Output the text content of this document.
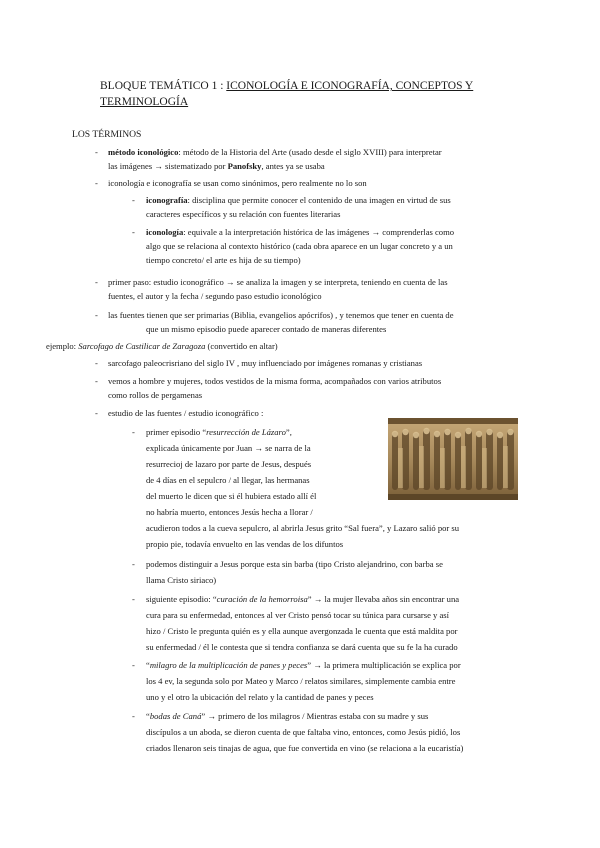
BLOQUE TEMÁTICO 1 : ICONOLOGÍA E ICONOGRAFÍA, CONCEPTOS Y
TERMINOLOGÍA
LOS TÉRMINOS
- método iconológico: método de la Historia del Arte (usado desde el siglo XVIII) para interpretar
las imágenes → sistematizado por Panofsky, antes ya se usaba
- iconología e iconografía se usan como sinónimos, pero realmente no lo son
- iconografía: disciplina que permite conocer el contenido de una imagen en virtud de sus
caracteres específicos y su relación con fuentes literarias
- iconología: equivale a la interpretación histórica de las imágenes → comprenderlas como
algo que se relaciona al contexto histórico (cada obra aparece en un lugar concreto y a un
tiempo concreto/ el arte es hija de su tiempo)
- primer paso: estudio iconográfico → se analiza la imagen y se interpreta, teniendo en cuenta de las
fuentes, el autor y la fecha / segundo paso estudio iconológico
- las fuentes tienen que ser primarias (Biblia, evangelios apócrifos) , y tenemos que tener en cuenta de
que un mismo episodio puede aparecer contado de maneras diferentes
ejemplo: Sarcofago de Castilicar de Zaragoza (convertido en altar)
- sarcofago paleocrisriano del siglo IV , muy influenciado por imágenes romanas y cristianas
- vemos a hombre y mujeres, todos vestidos de la misma forma, acompañados con varios atributos
como rollos de pergamenas
- estudio de las fuentes / estudio iconográfico :
- primer episodio “resurrección de Lázaro”,
explicada únicamente por Juan → se narra de la
resurrecioj de lazaro por parte de Jesus, después
de 4 días en el sepulcro / al llegar, las hermanas
del muerto le dicen que si él hubiera estado allí él
no habría muerto, entonces Jesús hecha a llorar /
acudieron todos a la cueva sepulcro, al abrirla Jesus grito “Sal fuera”, y Lazaro salió por su
propio pie, todavía envuelto en las vendas de los difuntos
- podemos distinguir a Jesus porque esta sin barba (tipo Cristo alejandrino, con barba se
llama Cristo siriaco)
- siguiente episodio: “curación de la hemorroisa” → la mujer llevaba años sin encontrar una
cura para su enfermedad, entonces al ver Cristo pensó tocar su túnica para cursarse y así
hizo / Cristo le pregunta quién es y ella aunque avergonzada le cuenta que está maldita por
su enfermedad / él le contesta que si tendra confianza se dará cuenta que su fe la ha curado
- “milagro de la multiplicación de panes y peces” → la primera multiplicación se explica por
los 4 ev, la segunda solo por Mateo y Marco / relatos similares, simplemente cambia entre
uno y el otro la ubicación del relato y la cantidad de panes y peces
- “bodas de Caná” → primero de los milagros / Mientras estaba con su madre y sus
discípulos a un aboda, se dieron cuenta de que faltaba vino, entonces, como Jesús pidió, los
criados llenaron seis tinajas de agua, que fue convertida en vino (se relaciona a la eucaristía)
